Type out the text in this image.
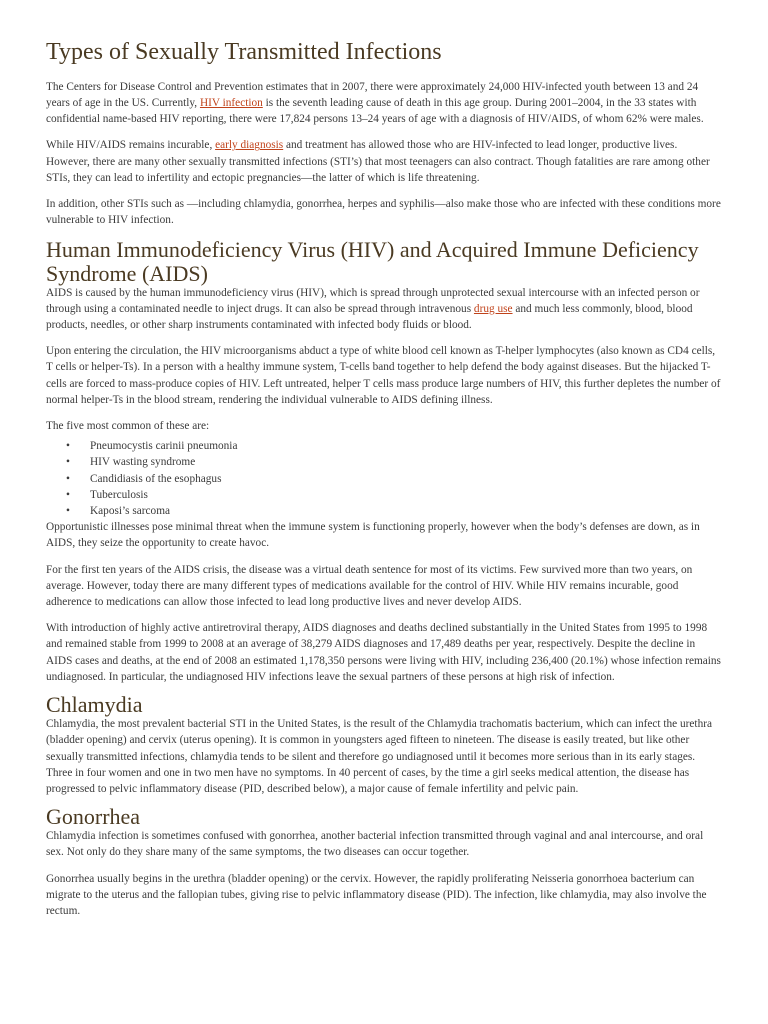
Types of Sexually Transmitted Infections

The Centers for Disease Control and Prevention estimates that in 2007, there were approximately 24,000 HIV-infected youth between 13 and 24 years of age in the US. Currently, HIV infection is the seventh leading cause of death in this age group. During 2001–2004, in the 33 states with confidential name-based HIV reporting, there were 17,824 persons 13–24 years of age with a diagnosis of HIV/AIDS, of whom 62% were males.

While HIV/AIDS remains incurable, early diagnosis and treatment has allowed those who are HIV-infected to lead longer, productive lives. However, there are many other sexually transmitted infections (STI’s) that most teenagers can also contract. Though fatalities are rare among other STIs, they can lead to infertility and ectopic pregnancies—the latter of which is life threatening.

In addition, other STIs such as —including chlamydia, gonorrhea, herpes and syphilis—also make those who are infected with these conditions more vulnerable to HIV infection.

Human Immunodeficiency Virus (HIV) and Acquired Immune Deficiency Syndrome (AIDS)

AIDS is caused by the human immunodeficiency virus (HIV), which is spread through unprotected sexual intercourse with an infected person or through using a contaminated needle to inject drugs. It can also be spread through intravenous drug use and much less commonly, blood, blood products, needles, or other sharp instruments contaminated with infected body fluids or blood.

Upon entering the circulation, the HIV microorganisms abduct a type of white blood cell known as T-helper lymphocytes (also known as CD4 cells, T cells or helper-Ts). In a person with a healthy immune system, T-cells band together to help defend the body against diseases. But the hijacked T-cells are forced to mass-produce copies of HIV. Left untreated, helper T cells mass produce large numbers of HIV, this further depletes the number of normal helper-Ts in the blood stream, rendering the individual vulnerable to AIDS defining illness.

The five most common of these are:

• Pneumocystis carinii pneumonia
• HIV wasting syndrome
• Candidiasis of the esophagus
• Tuberculosis
• Kaposi’s sarcoma

Opportunistic illnesses pose minimal threat when the immune system is functioning properly, however when the body’s defenses are down, as in AIDS, they seize the opportunity to create havoc.

For the first ten years of the AIDS crisis, the disease was a virtual death sentence for most of its victims. Few survived more than two years, on average. However, today there are many different types of medications available for the control of HIV. While HIV remains incurable, good adherence to medications can allow those infected to lead long productive lives and never develop AIDS.

With introduction of highly active antiretroviral therapy, AIDS diagnoses and deaths declined substantially in the United States from 1995 to 1998 and remained stable from 1999 to 2008 at an average of 38,279 AIDS diagnoses and 17,489 deaths per year, respectively. Despite the decline in AIDS cases and deaths, at the end of 2008 an estimated 1,178,350 persons were living with HIV, including 236,400 (20.1%) whose infection remains undiagnosed. In particular, the undiagnosed HIV infections leave the sexual partners of these persons at high risk of infection.

Chlamydia

Chlamydia, the most prevalent bacterial STI in the United States, is the result of the Chlamydia trachomatis bacterium, which can infect the urethra (bladder opening) and cervix (uterus opening). It is common in youngsters aged fifteen to nineteen. The disease is easily treated, but like other sexually transmitted infections, chlamydia tends to be silent and therefore go undiagnosed until it becomes more serious than in its early stages. Three in four women and one in two men have no symptoms. In 40 percent of cases, by the time a girl seeks medical attention, the disease has progressed to pelvic inflammatory disease (PID, described below), a major cause of female infertility and pelvic pain.

Gonorrhea

Chlamydia infection is sometimes confused with gonorrhea, another bacterial infection transmitted through vaginal and anal intercourse, and oral sex. Not only do they share many of the same symptoms, the two diseases can occur together.

Gonorrhea usually begins in the urethra (bladder opening) or the cervix. However, the rapidly proliferating Neisseria gonorrhoea bacterium can migrate to the uterus and the fallopian tubes, giving rise to pelvic inflammatory disease (PID). The infection, like chlamydia, may also involve the rectum.
